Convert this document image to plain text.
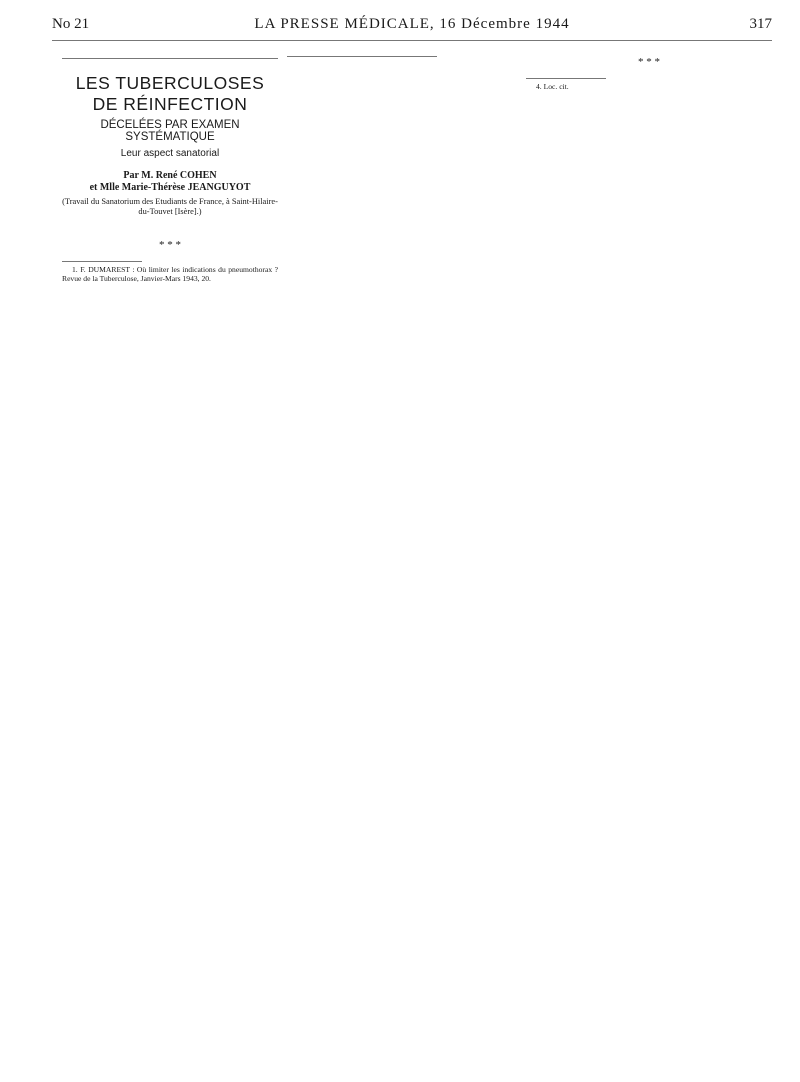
No 21	LA PRESSE MÉDICALE, 16 Décembre 1944	317
LES TUBERCULOSES
DE RÉINFECTION
DÉCELÉES PAR EXAMEN SYSTÉMATIQUE
Leur aspect sanatorial
Par M. René COHEN
et Mlle Marie-Thérèse JEANGUYOT
(Travail du Sanatorium des Etudiants de France, à Saint-Hilaire-du-Touvet [Isère].)

* * *

1. F. DUMAREST : Où limiter les indications du pneumothorax ? Revue de la Tuberculose, Janvier-Mars 1943, 20.

* * *

4. Loc. cit.
